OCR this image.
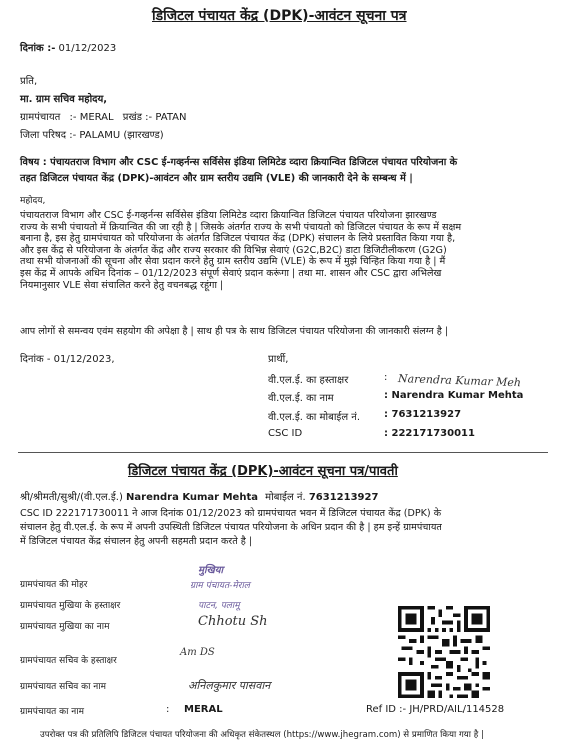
डिजिटल पंचायत केंद्र (DPK)-आवंटन सूचना पत्र
दिनांक :- 01/12/2023
प्रति,
मा. ग्राम सचिव महोदय,
ग्रामपंचायत :- MERAL प्रखंड :- PATAN
जिला परिषद :- PALAMU (झारखण्ड)
विषय : पंचायतराज विभाग और CSC ई-गव्हर्नन्स सर्विसेस इंडिया लिमिटेड व्दारा क्रियान्वित डिजिटल पंचायत परियोजना के
तहत डिजिटल पंचायत केंद्र (DPK)-आवंटन और ग्राम स्तरीय उद्यमि (VLE) की जानकारी देने के सम्बन्ध में |
महोदय,
पंचायतराज विभाग और CSC ई-गव्हर्नन्स सर्विसेस इंडिया लिमिटेड व्दारा क्रियान्वित डिजिटल पंचायत परियोजना झारखण्ड
राज्य के सभी पंचायतो में क्रियान्वित की जा रही है | जिसके अंतर्गत राज्य के सभी पंचायतो को डिजिटल पंचायत के रूप में सक्षम
बनाना है, इस हेतु ग्रामपंचायत को परियोजना के अंतर्गत डिजिटल पंचायत केंद्र (DPK) संचालन के लिये प्रस्तावित किया गया है,
और इस केंद्र से परियोजना के अंतर्गत केंद्र और राज्य सरकार की विभिन्न सेवाएं (G2C,B2C) डाटा डिजिटीलीकरण (G2G)
तथा सभी योजनाओं की सूचना और सेवा प्रदान करने हेतु ग्राम स्तरीय उद्यमि (VLE) के रूप में मुझे चिन्हित किया गया है | मैं
इस केंद्र में आपके अधिन दिनांक – 01/12/2023 संपूर्ण सेवाएं प्रदान करूंगा | तथा मा. शासन और CSC द्वारा अभिलेख
नियमानुसार VLE सेवा संचालित करने हेतु वचनबद्ध रहूंगा |
आप लोगों से समन्वय एवंम सहयोग की अपेक्षा है | साथ ही पत्र के साथ डिजिटल पंचायत परियोजना की जानकारी संलग्न है |
दिनांक - 01/12/2023,	प्रार्थी,
वी.एल.ई. का हस्ताक्षर	: Narendra Kumar Meh
वी.एल.ई. का नाम	: Narendra Kumar Mehta
वी.एल.ई. का मोबाईल नं. : 7631213927
CSC ID	: 222171730011
डिजिटल पंचायत केंद्र (DPK)-आवंटन सूचना पत्र/पावती
श्री/श्रीमती/सुश्री/(वी.एल.ई.) Narendra Kumar Mehta मोबाईल नं. 7631213927
CSC ID 222171730011 ने आज दिनांक 01/12/2023 को ग्रामपंचायत भवन में डिजिटल पंचायत केंद्र (DPK) के
संचालन हेतु वी.एल.ई. के रूप में अपनी उपस्थिती डिजिटल पंचायत परियोजना के अधिन प्रदान की है | हम इन्हें ग्रामपंचायत
में डिजिटल पंचायत केंद्र संचालन हेतु अपनी सहमती प्रदान करते है |
ग्रामपंचायत की मोहर
मुखिया
ग्राम पंचायत-मेराल
ग्रामपंचायत मुखिया के हस्ताक्षर	पाटन, पलामू
ग्रामपंचायत मुखिया का नाम	Chhotu Sh
ग्रामपंचायत सचिव के हस्ताक्षर
Am DS
ग्रामपंचायत सचिव का नाम	अनिलकुमार पासवान
ग्रामपंचायत का नाम	: MERAL	Ref ID :- JH/PRD/AIL/114528
उपरोक्त पत्र की प्रतिलिपि डिजिटल पंचायत परियोजना की अधिकृत संकेतस्थल (https://www.jhegram.com) से प्रमाणित किया गया है |
